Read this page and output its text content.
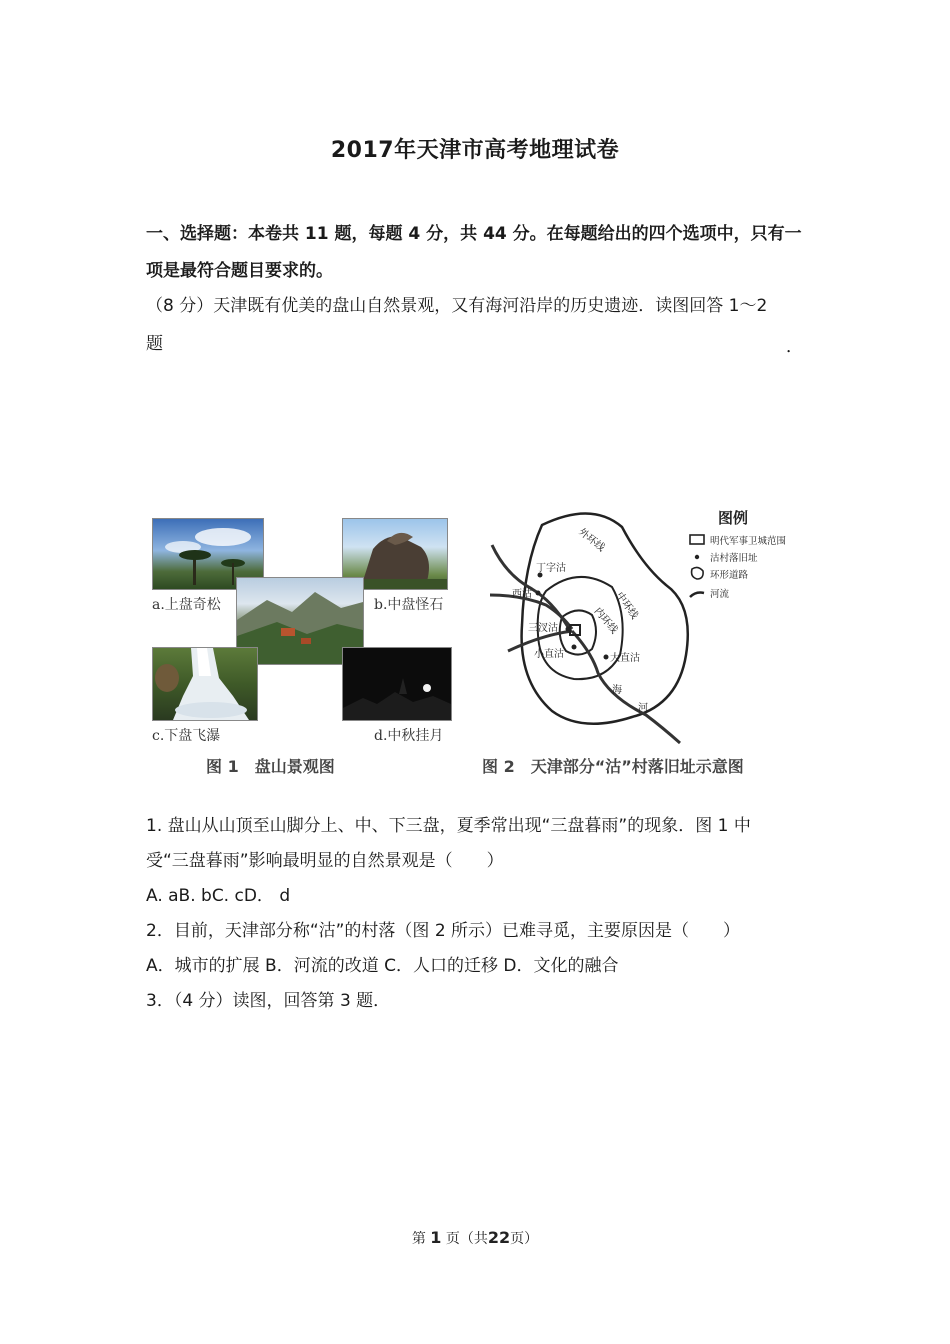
2017年天津市高考地理试卷
一、选择题：本卷共 11 题，每题 4 分，共 44 分。在每题给出的四个选项中，只有一
项是最符合题目要求的。
（8 分）天津既有优美的盘山自然景观，又有海河沿岸的历史遗迹．读图回答 1～2
题	．
a.上盘奇松	b.中盘怪石
c.下盘飞瀑	d.中秋挂月
图 1　盘山景观图
外环线
中环线
内环线
丁字沽
西沽
三汊沽
小直沽	大直沽
海
河
图例
明代军事卫城范围
沽村落旧址
环形道路
河流
图 2　天津部分“沽”村落旧址示意图
1. 盘山从山顶至山脚分上、中、下三盘，夏季常出现“三盘暮雨”的现象．图 1 中
受“三盘暮雨”影响最明显的自然景观是（　　）
A. aB. bC. cD． d
2．目前，天津部分称“沽”的村落（图 2 所示）已难寻觅，主要原因是（　　）
A．城市的扩展 B．河流的改道 C．人口的迁移 D．文化的融合
3．（4 分）读图，回答第 3 题．
第 1 页（共22页）
